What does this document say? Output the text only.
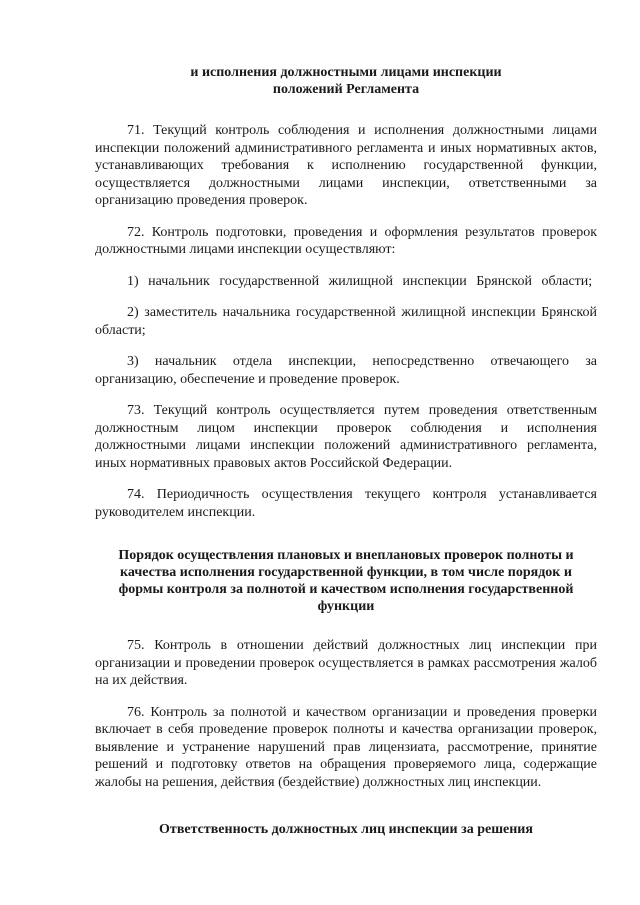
и исполнения должностными лицами инспекции положений Регламента

71. Текущий контроль соблюдения и исполнения должностными лицами инспекции положений административного регламента и иных нормативных актов, устанавливающих требования к исполнению государственной функции, осуществляется должностными лицами инспекции, ответственными за организацию проведения проверок.

72. Контроль подготовки, проведения и оформления результатов проверок должностными лицами инспекции осуществляют:

1) начальник государственной жилищной инспекции Брянской области;

2) заместитель начальника государственной жилищной инспекции Брянской области;

3) начальник отдела инспекции, непосредственно отвечающего за организацию, обеспечение и проведение проверок.

73. Текущий контроль осуществляется путем проведения ответственным должностным лицом инспекции проверок соблюдения и исполнения должностными лицами инспекции положений административного регламента, иных нормативных правовых актов Российской Федерации.

74. Периодичность осуществления текущего контроля устанавливается руководителем инспекции.

Порядок осуществления плановых и внеплановых проверок полноты и качества исполнения государственной функции, в том числе порядок и формы контроля за полнотой и качеством исполнения государственной функции

75. Контроль в отношении действий должностных лиц инспекции при организации и проведении проверок осуществляется в рамках рассмотрения жалоб на их действия.

76. Контроль за полнотой и качеством организации и проведения проверки включает в себя проведение проверок полноты и качества организации проверок, выявление и устранение нарушений прав лицензиата, рассмотрение, принятие решений и подготовку ответов на обращения проверяемого лица, содержащие жалобы на решения, действия (бездействие) должностных лиц инспекции.

Ответственность должностных лиц инспекции за решения
